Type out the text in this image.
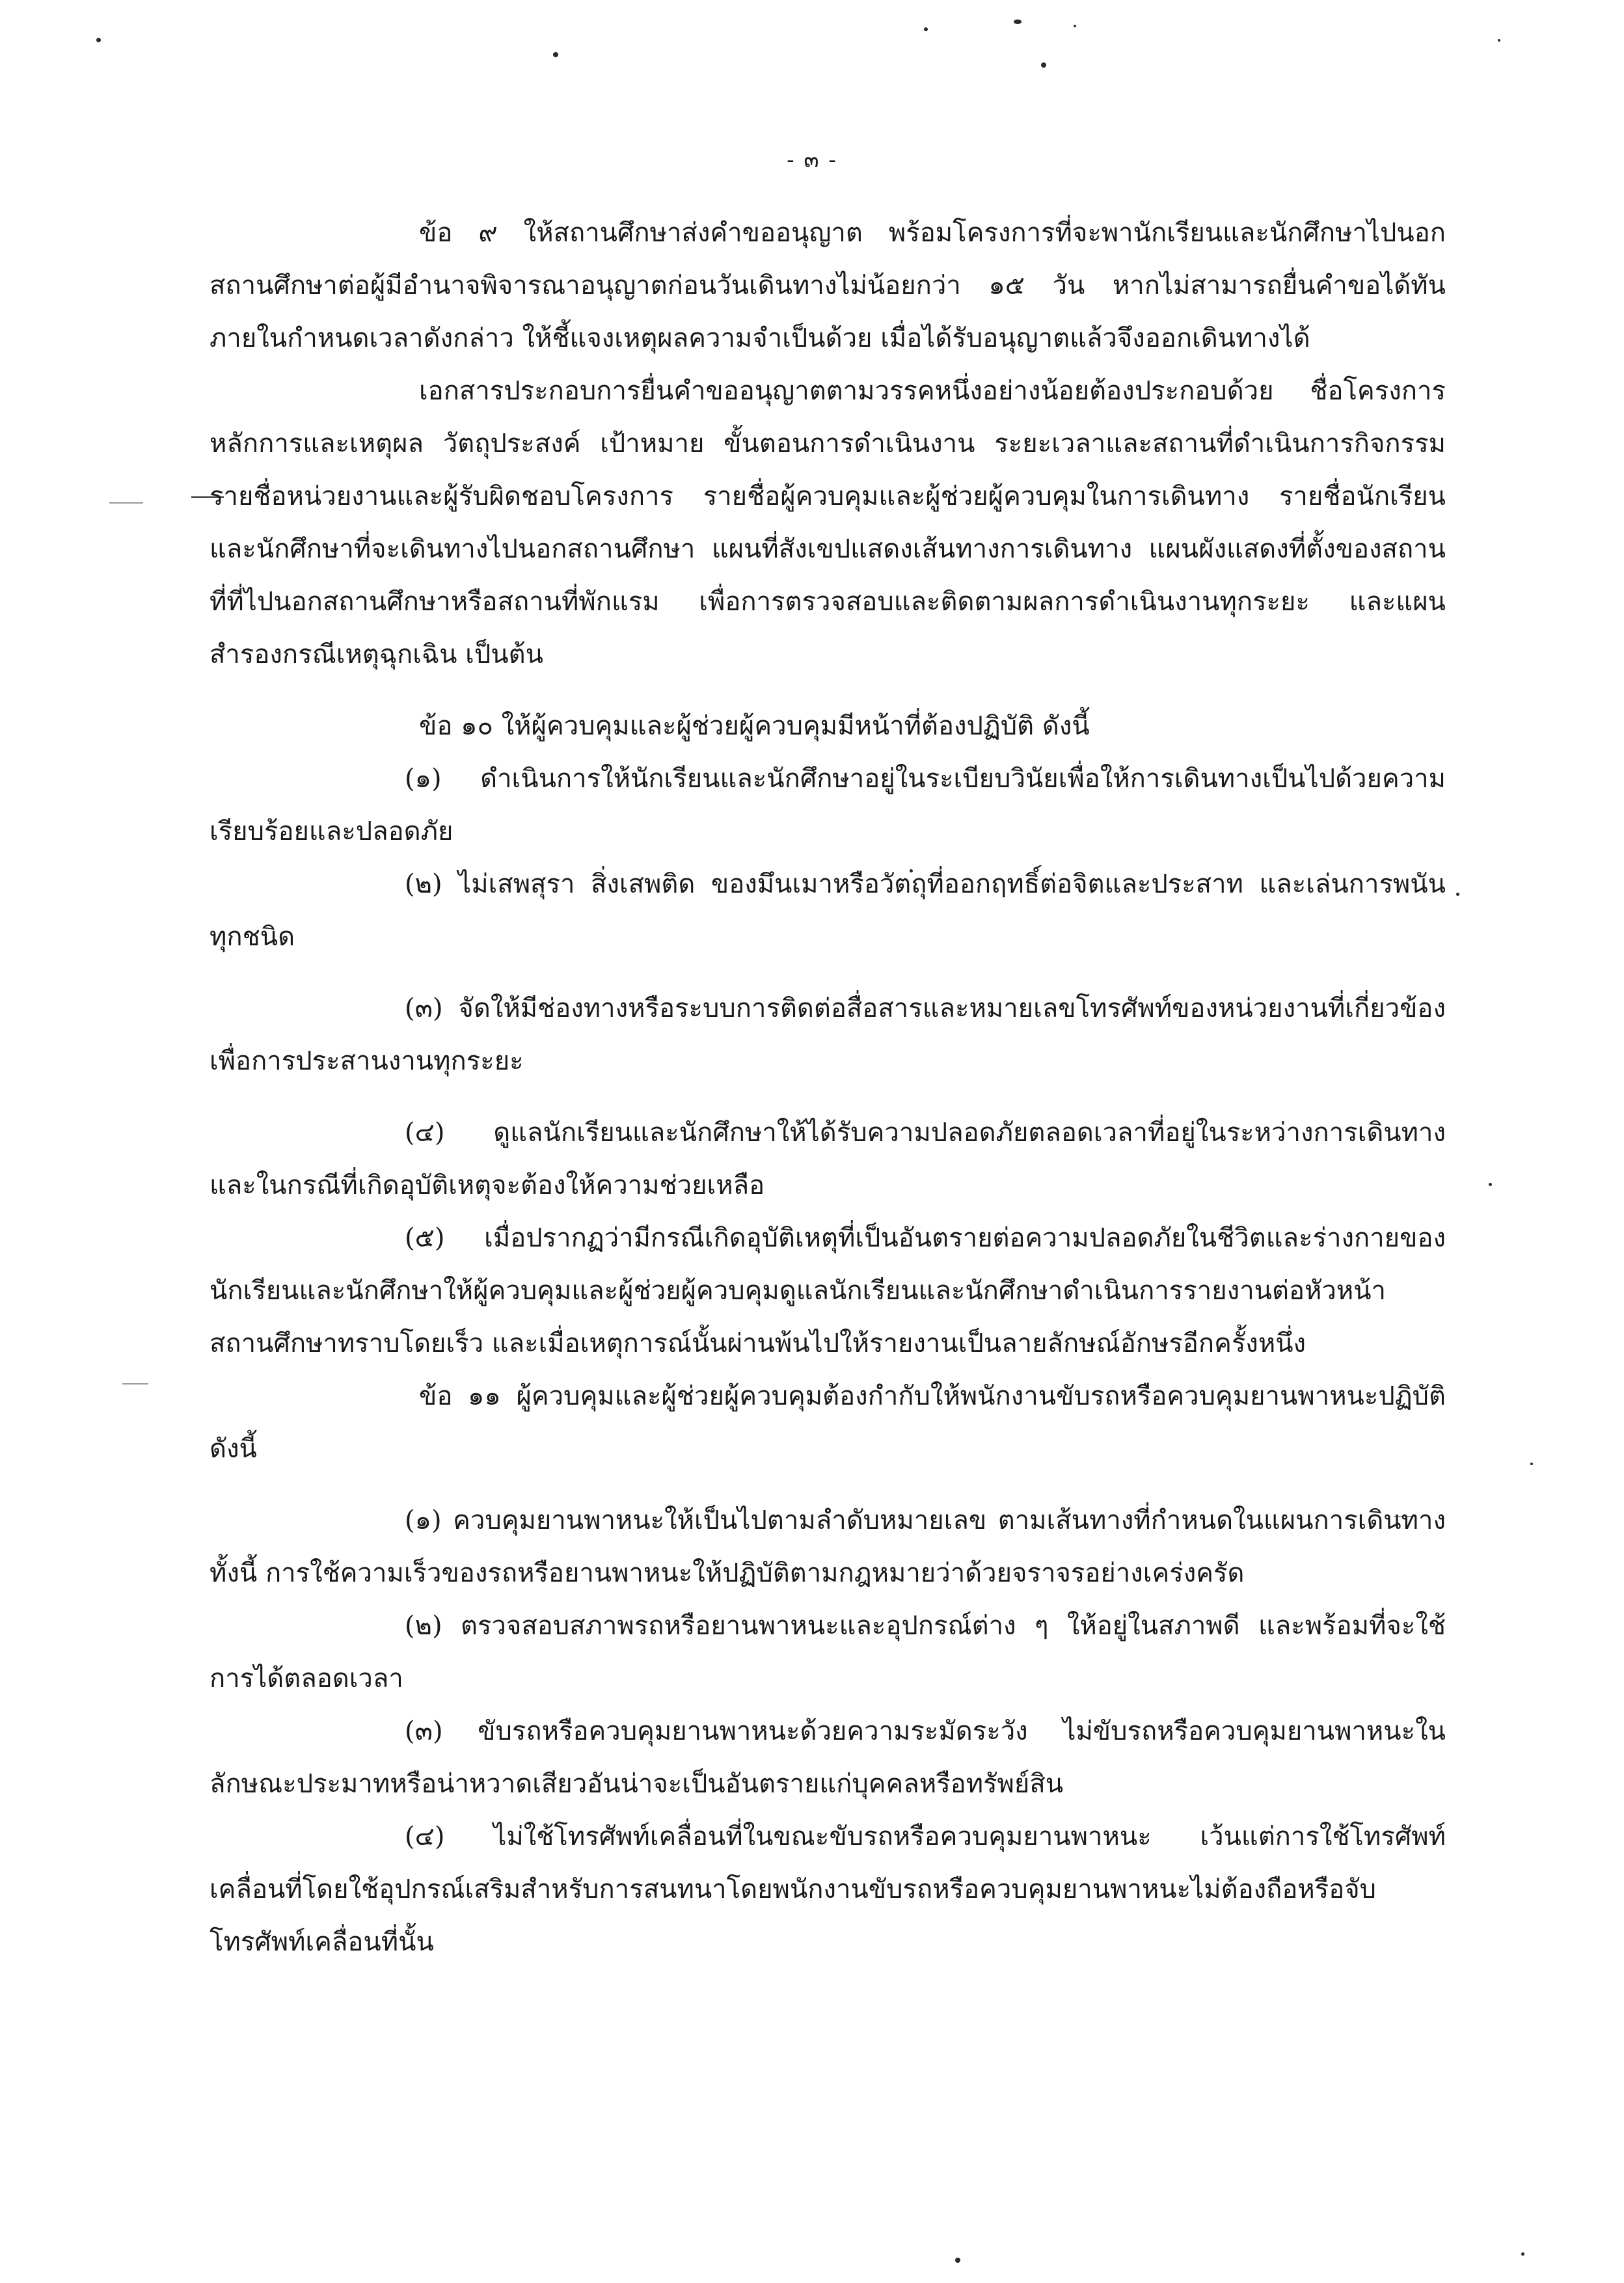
- ๓ -

ข้อ ๙ ให้สถานศึกษาส่งคำขออนุญาต พร้อมโครงการที่จะพานักเรียนและนักศึกษาไปนอกสถานศึกษาต่อผู้มีอำนาจพิจารณาอนุญาตก่อนวันเดินทางไม่น้อยกว่า ๑๕ วัน หากไม่สามารถยื่นคำขอได้ทันภายในกำหนดเวลาดังกล่าว ให้ชี้แจงเหตุผลความจำเป็นด้วย เมื่อได้รับอนุญาตแล้วจึงออกเดินทางได้

เอกสารประกอบการยื่นคำขออนุญาตตามวรรคหนึ่งอย่างน้อยต้องประกอบด้วย ชื่อโครงการ หลักการและเหตุผล วัตถุประสงค์ เป้าหมาย ขั้นตอนการดำเนินงาน ระยะเวลาและสถานที่ดำเนินการกิจกรรม รายชื่อหน่วยงานและผู้รับผิดชอบโครงการ รายชื่อผู้ควบคุมและผู้ช่วยผู้ควบคุมในการเดินทาง รายชื่อนักเรียนและนักศึกษาที่จะเดินทางไปนอกสถานศึกษา แผนที่สังเขปแสดงเส้นทางการเดินทาง แผนผังแสดงที่ตั้งของสถานที่ที่ไปนอกสถานศึกษาหรือสถานที่พักแรม เพื่อการตรวจสอบและติดตามผลการดำเนินงานทุกระยะ และแผนสำรองกรณีเหตุฉุกเฉิน เป็นต้น

ข้อ ๑๐ ให้ผู้ควบคุมและผู้ช่วยผู้ควบคุมมีหน้าที่ต้องปฏิบัติ ดังนี้

(๑) ดำเนินการให้นักเรียนและนักศึกษาอยู่ในระเบียบวินัยเพื่อให้การเดินทางเป็นไปด้วยความเรียบร้อยและปลอดภัย

(๒) ไม่เสพสุรา สิ่งเสพติด ของมึนเมาหรือวัตถุที่ออกฤทธิ์ต่อจิตและประสาท และเล่นการพนันทุกชนิด

(๓) จัดให้มีช่องทางหรือระบบการติดต่อสื่อสารและหมายเลขโทรศัพท์ของหน่วยงานที่เกี่ยวข้องเพื่อการประสานงานทุกระยะ

(๔) ดูแลนักเรียนและนักศึกษาให้ได้รับความปลอดภัยตลอดเวลาที่อยู่ในระหว่างการเดินทางและในกรณีที่เกิดอุบัติเหตุจะต้องให้ความช่วยเหลือ

(๕) เมื่อปรากฏว่ามีกรณีเกิดอุบัติเหตุที่เป็นอันตรายต่อความปลอดภัยในชีวิตและร่างกายของนักเรียนและนักศึกษาให้ผู้ควบคุมและผู้ช่วยผู้ควบคุมดูแลนักเรียนและนักศึกษาดำเนินการรายงานต่อหัวหน้าสถานศึกษาทราบโดยเร็ว และเมื่อเหตุการณ์นั้นผ่านพ้นไปให้รายงานเป็นลายลักษณ์อักษรอีกครั้งหนึ่ง

ข้อ ๑๑ ผู้ควบคุมและผู้ช่วยผู้ควบคุมต้องกำกับให้พนักงานขับรถหรือควบคุมยานพาหนะปฏิบัติ ดังนี้

(๑) ควบคุมยานพาหนะให้เป็นไปตามลำดับหมายเลข ตามเส้นทางที่กำหนดในแผนการเดินทาง ทั้งนี้ การใช้ความเร็วของรถหรือยานพาหนะให้ปฏิบัติตามกฎหมายว่าด้วยจราจรอย่างเคร่งครัด

(๒) ตรวจสอบสภาพรถหรือยานพาหนะและอุปกรณ์ต่าง ๆ ให้อยู่ในสภาพดี และพร้อมที่จะใช้การได้ตลอดเวลา

(๓) ขับรถหรือควบคุมยานพาหนะด้วยความระมัดระวัง ไม่ขับรถหรือควบคุมยานพาหนะในลักษณะประมาทหรือน่าหวาดเสียวอันน่าจะเป็นอันตรายแก่บุคคลหรือทรัพย์สิน

(๔) ไม่ใช้โทรศัพท์เคลื่อนที่ในขณะขับรถหรือควบคุมยานพาหนะ เว้นแต่การใช้โทรศัพท์เคลื่อนที่โดยใช้อุปกรณ์เสริมสำหรับการสนทนาโดยพนักงานขับรถหรือควบคุมยานพาหนะไม่ต้องถือหรือจับโทรศัพท์เคลื่อนที่นั้น
